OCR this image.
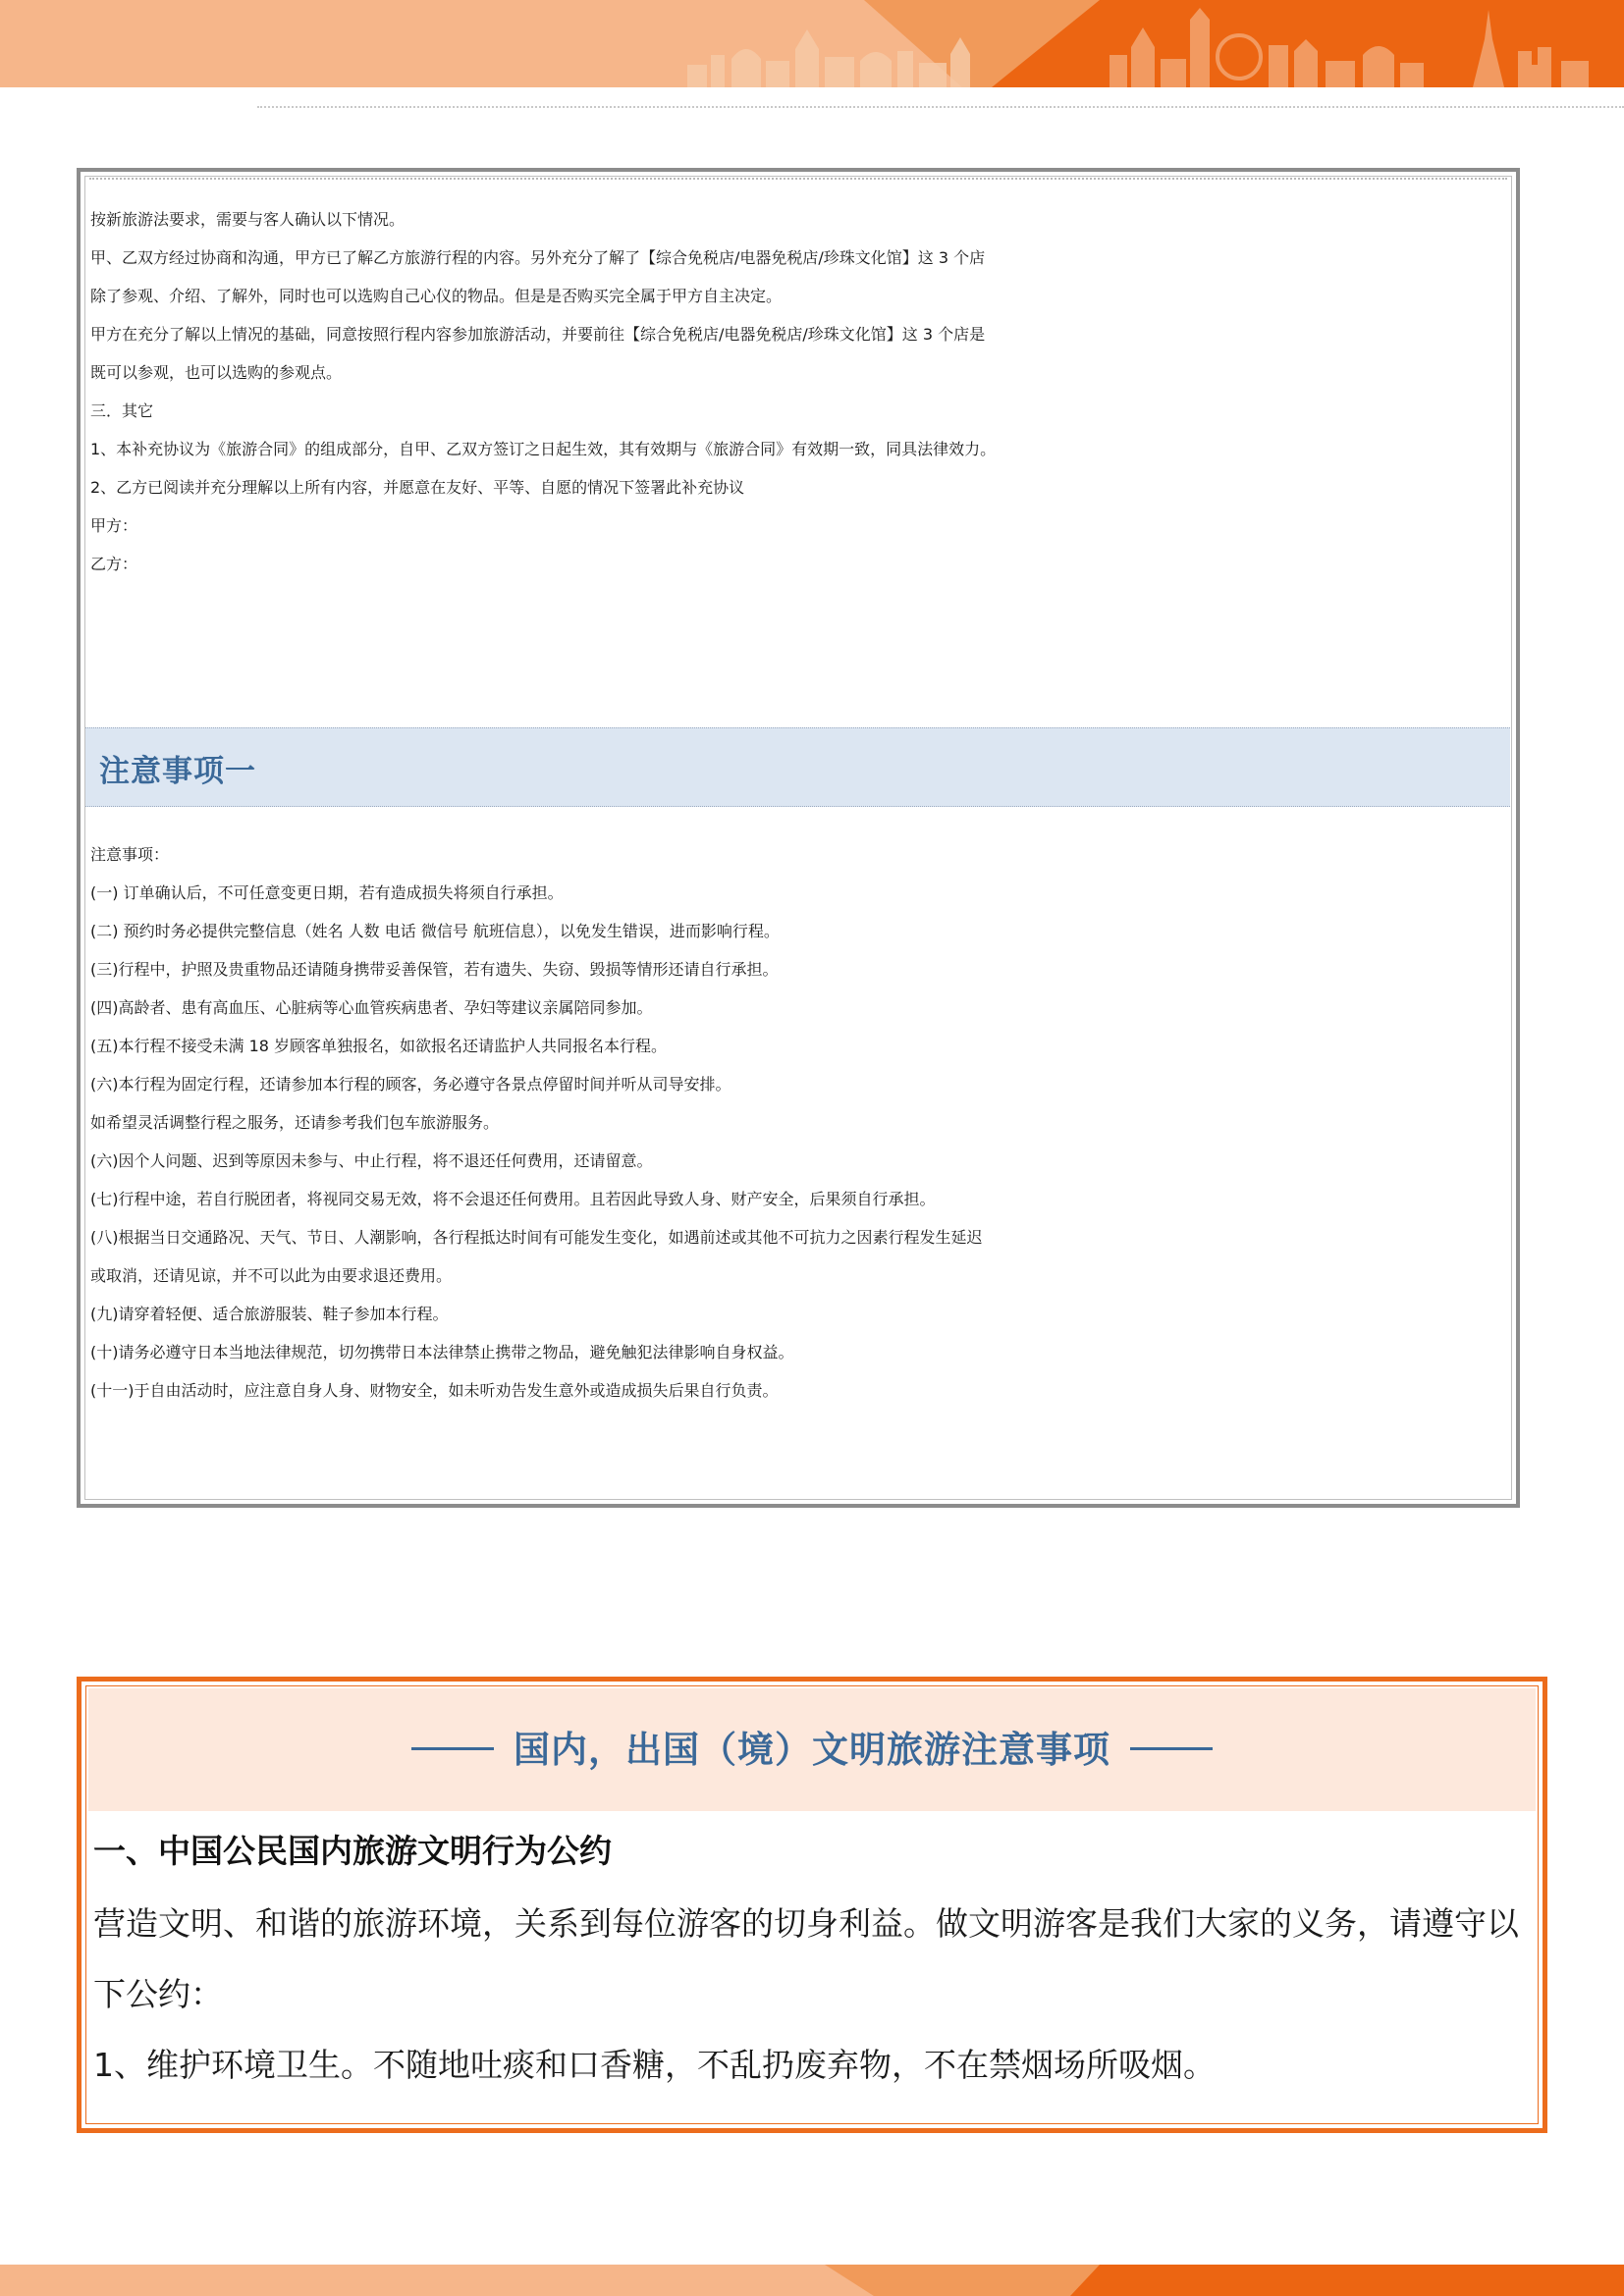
按新旅游法要求，需要与客人确认以下情况。

甲、乙双方经过协商和沟通，甲方已了解乙方旅游行程的内容。另外充分了解了【综合免税店/电器免税店/珍珠文化馆】这 3 个店

除了参观、介绍、了解外，同时也可以选购自己心仪的物品。但是是否购买完全属于甲方自主决定。

甲方在充分了解以上情况的基础，同意按照行程内容参加旅游活动，并要前往【综合免税店/电器免税店/珍珠文化馆】这 3 个店是

既可以参观，也可以选购的参观点。

三．其它

1、本补充协议为《旅游合同》的组成部分，自甲、乙双方签订之日起生效，其有效期与《旅游合同》有效期一致，同具法律效力。

2、乙方已阅读并充分理解以上所有内容，并愿意在友好、平等、自愿的情况下签署此补充协议

甲方：

乙方：

注意事项一

注意事项：

(一) 订单确认后，不可任意变更日期，若有造成损失将须自行承担。

(二) 预约时务必提供完整信息（姓名 人数 电话 微信号 航班信息），以免发生错误，进而影响行程。

(三)行程中，护照及贵重物品还请随身携带妥善保管，若有遗失、失窃、毁损等情形还请自行承担。

(四)高龄者、患有高血压、心脏病等心血管疾病患者、孕妇等建议亲属陪同参加。

(五)本行程不接受未满 18 岁顾客单独报名，如欲报名还请监护人共同报名本行程。

(六)本行程为固定行程，还请参加本行程的顾客，务必遵守各景点停留时间并听从司导安排。

如希望灵活调整行程之服务，还请参考我们包车旅游服务。

(六)因个人问题、迟到等原因未参与、中止行程，将不退还任何费用，还请留意。

(七)行程中途，若自行脱团者，将视同交易无效，将不会退还任何费用。且若因此导致人身、财产安全，后果须自行承担。

(八)根据当日交通路况、天气、节日、人潮影响，各行程抵达时间有可能发生变化，如遇前述或其他不可抗力之因素行程发生延迟

或取消，还请见谅，并不可以此为由要求退还费用。

(九)请穿着轻便、适合旅游服装、鞋子参加本行程。

(十)请务必遵守日本当地法律规范，切勿携带日本法律禁止携带之物品，避免触犯法律影响自身权益。

(十一)于自由活动时，应注意自身人身、财物安全，如未听劝告发生意外或造成损失后果自行负责。

国内，出国（境）文明旅游注意事项
一、中国公民国内旅游文明行为公约

营造文明、和谐的旅游环境，关系到每位游客的切身利益。做文明游客是我们大家的义务，请遵守以

下公约：

1、维护环境卫生。不随地吐痰和口香糖，不乱扔废弃物，不在禁烟场所吸烟。
